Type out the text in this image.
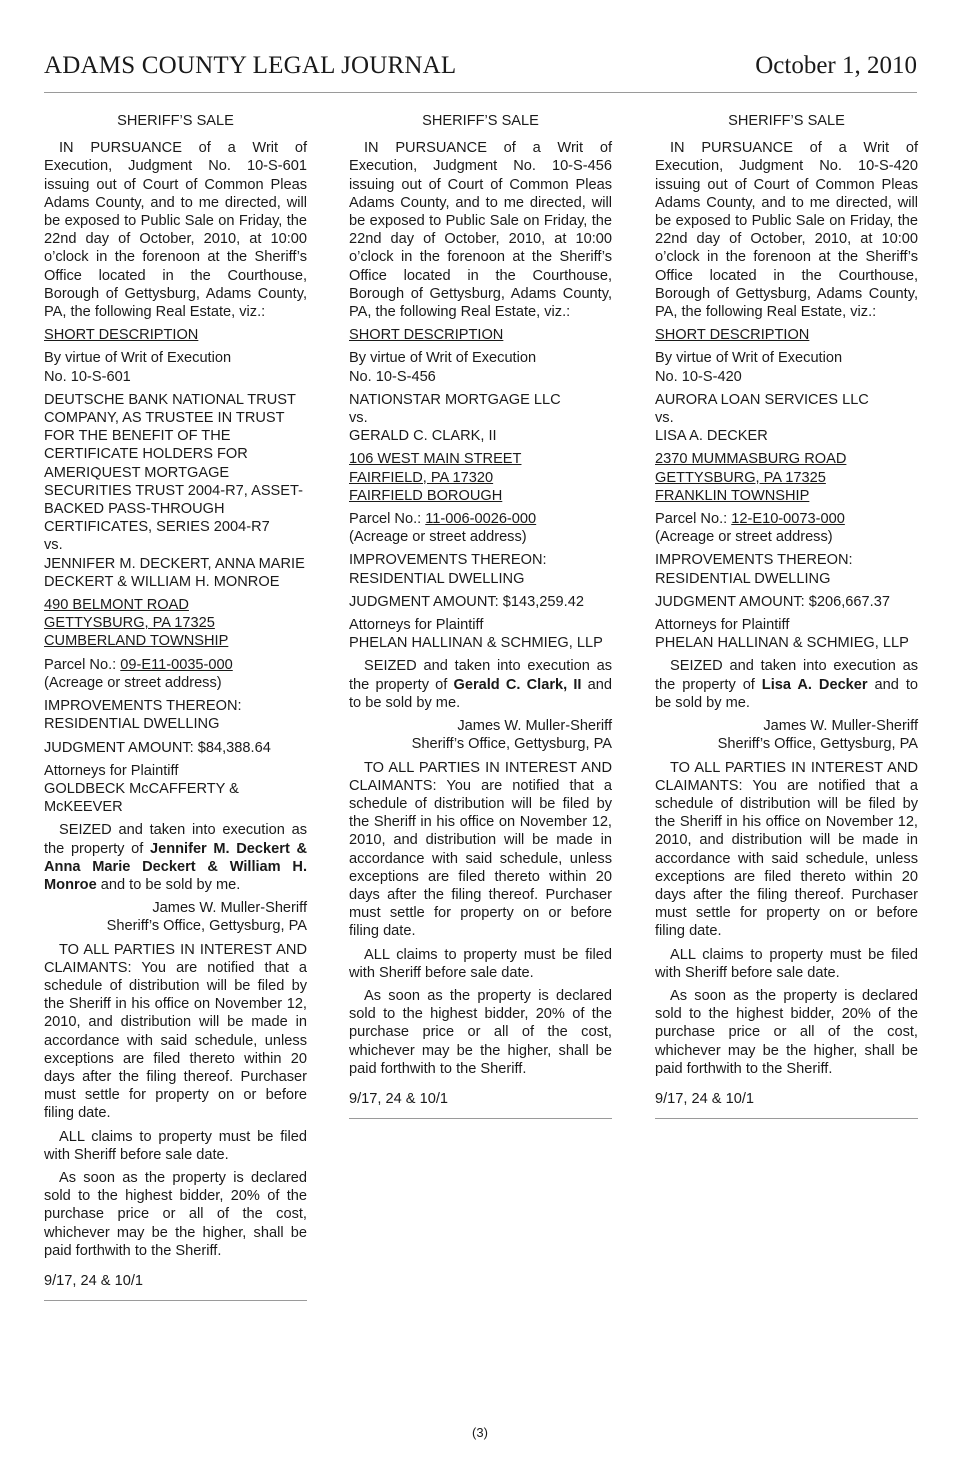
ADAMS COUNTY LEGAL JOURNAL	October 1, 2010

SHERIFF’S SALE

IN PURSUANCE of a Writ of Execution, Judgment No. 10-S-601 issuing out of Court of Common Pleas Adams County, and to me directed, will be exposed to Public Sale on Friday, the 22nd day of October, 2010, at 10:00 o’clock in the forenoon at the Sheriff’s Office located in the Courthouse, Borough of Gettysburg, Adams County, PA, the following Real Estate, viz.:

SHORT DESCRIPTION

By virtue of Writ of Execution
No. 10-S-601

DEUTSCHE BANK NATIONAL TRUST COMPANY, AS TRUSTEE IN TRUST FOR THE BENEFIT OF THE CERTIFICATE HOLDERS FOR AMERIQUEST MORTGAGE SECURITIES TRUST 2004-R7, ASSET-BACKED PASS-THROUGH CERTIFICATES, SERIES 2004-R7
vs.
JENNIFER M. DECKERT, ANNA MARIE DECKERT & WILLIAM H. MONROE

490 BELMONT ROAD
GETTYSBURG, PA 17325
CUMBERLAND TOWNSHIP

Parcel No.: 09-E11-0035-000
(Acreage or street address)

IMPROVEMENTS THEREON:
RESIDENTIAL DWELLING

JUDGMENT AMOUNT: $84,388.64

Attorneys for Plaintiff
GOLDBECK McCAFFERTY & McKEEVER

SEIZED and taken into execution as the property of Jennifer M. Deckert & Anna Marie Deckert & William H. Monroe and to be sold by me.

James W. Muller-Sheriff
Sheriff’s Office, Gettysburg, PA

TO ALL PARTIES IN INTEREST AND CLAIMANTS: You are notified that a schedule of distribution will be filed by the Sheriff in his office on November 12, 2010, and distribution will be made in accordance with said schedule, unless exceptions are filed thereto within 20 days after the filing thereof. Purchaser must settle for property on or before filing date.

ALL claims to property must be filed with Sheriff before sale date.

As soon as the property is declared sold to the highest bidder, 20% of the purchase price or all of the cost, whichever may be the higher, shall be paid forthwith to the Sheriff.

9/17, 24 & 10/1

SHERIFF’S SALE

IN PURSUANCE of a Writ of Execution, Judgment No. 10-S-456 issuing out of Court of Common Pleas Adams County, and to me directed, will be exposed to Public Sale on Friday, the 22nd day of October, 2010, at 10:00 o’clock in the forenoon at the Sheriff’s Office located in the Courthouse, Borough of Gettysburg, Adams County, PA, the following Real Estate, viz.:

SHORT DESCRIPTION

By virtue of Writ of Execution
No. 10-S-456

NATIONSTAR MORTGAGE LLC
vs.
GERALD C. CLARK, II

106 WEST MAIN STREET
FAIRFIELD, PA 17320
FAIRFIELD BOROUGH

Parcel No.: 11-006-0026-000
(Acreage or street address)

IMPROVEMENTS THEREON:
RESIDENTIAL DWELLING

JUDGMENT AMOUNT: $143,259.42

Attorneys for Plaintiff
PHELAN HALLINAN & SCHMIEG, LLP

SEIZED and taken into execution as the property of Gerald C. Clark, II and to be sold by me.

James W. Muller-Sheriff
Sheriff’s Office, Gettysburg, PA

TO ALL PARTIES IN INTEREST AND CLAIMANTS: You are notified that a schedule of distribution will be filed by the Sheriff in his office on November 12, 2010, and distribution will be made in accordance with said schedule, unless exceptions are filed thereto within 20 days after the filing thereof. Purchaser must settle for property on or before filing date.

ALL claims to property must be filed with Sheriff before sale date.

As soon as the property is declared sold to the highest bidder, 20% of the purchase price or all of the cost, whichever may be the higher, shall be paid forthwith to the Sheriff.

9/17, 24 & 10/1

SHERIFF’S SALE

IN PURSUANCE of a Writ of Execution, Judgment No. 10-S-420 issuing out of Court of Common Pleas Adams County, and to me directed, will be exposed to Public Sale on Friday, the 22nd day of October, 2010, at 10:00 o’clock in the forenoon at the Sheriff’s Office located in the Courthouse, Borough of Gettysburg, Adams County, PA, the following Real Estate, viz.:

SHORT DESCRIPTION

By virtue of Writ of Execution
No. 10-S-420

AURORA LOAN SERVICES LLC
vs.
LISA A. DECKER

2370 MUMMASBURG ROAD
GETTYSBURG, PA 17325
FRANKLIN TOWNSHIP

Parcel No.: 12-E10-0073-000
(Acreage or street address)

IMPROVEMENTS THEREON:
RESIDENTIAL DWELLING

JUDGMENT AMOUNT: $206,667.37

Attorneys for Plaintiff
PHELAN HALLINAN & SCHMIEG, LLP

SEIZED and taken into execution as the property of Lisa A. Decker and to be sold by me.

James W. Muller-Sheriff
Sheriff’s Office, Gettysburg, PA

TO ALL PARTIES IN INTEREST AND CLAIMANTS: You are notified that a schedule of distribution will be filed by the Sheriff in his office on November 12, 2010, and distribution will be made in accordance with said schedule, unless exceptions are filed thereto within 20 days after the filing thereof. Purchaser must settle for property on or before filing date.

ALL claims to property must be filed with Sheriff before sale date.

As soon as the property is declared sold to the highest bidder, 20% of the purchase price or all of the cost, whichever may be the higher, shall be paid forthwith to the Sheriff.

9/17, 24 & 10/1

(3)
